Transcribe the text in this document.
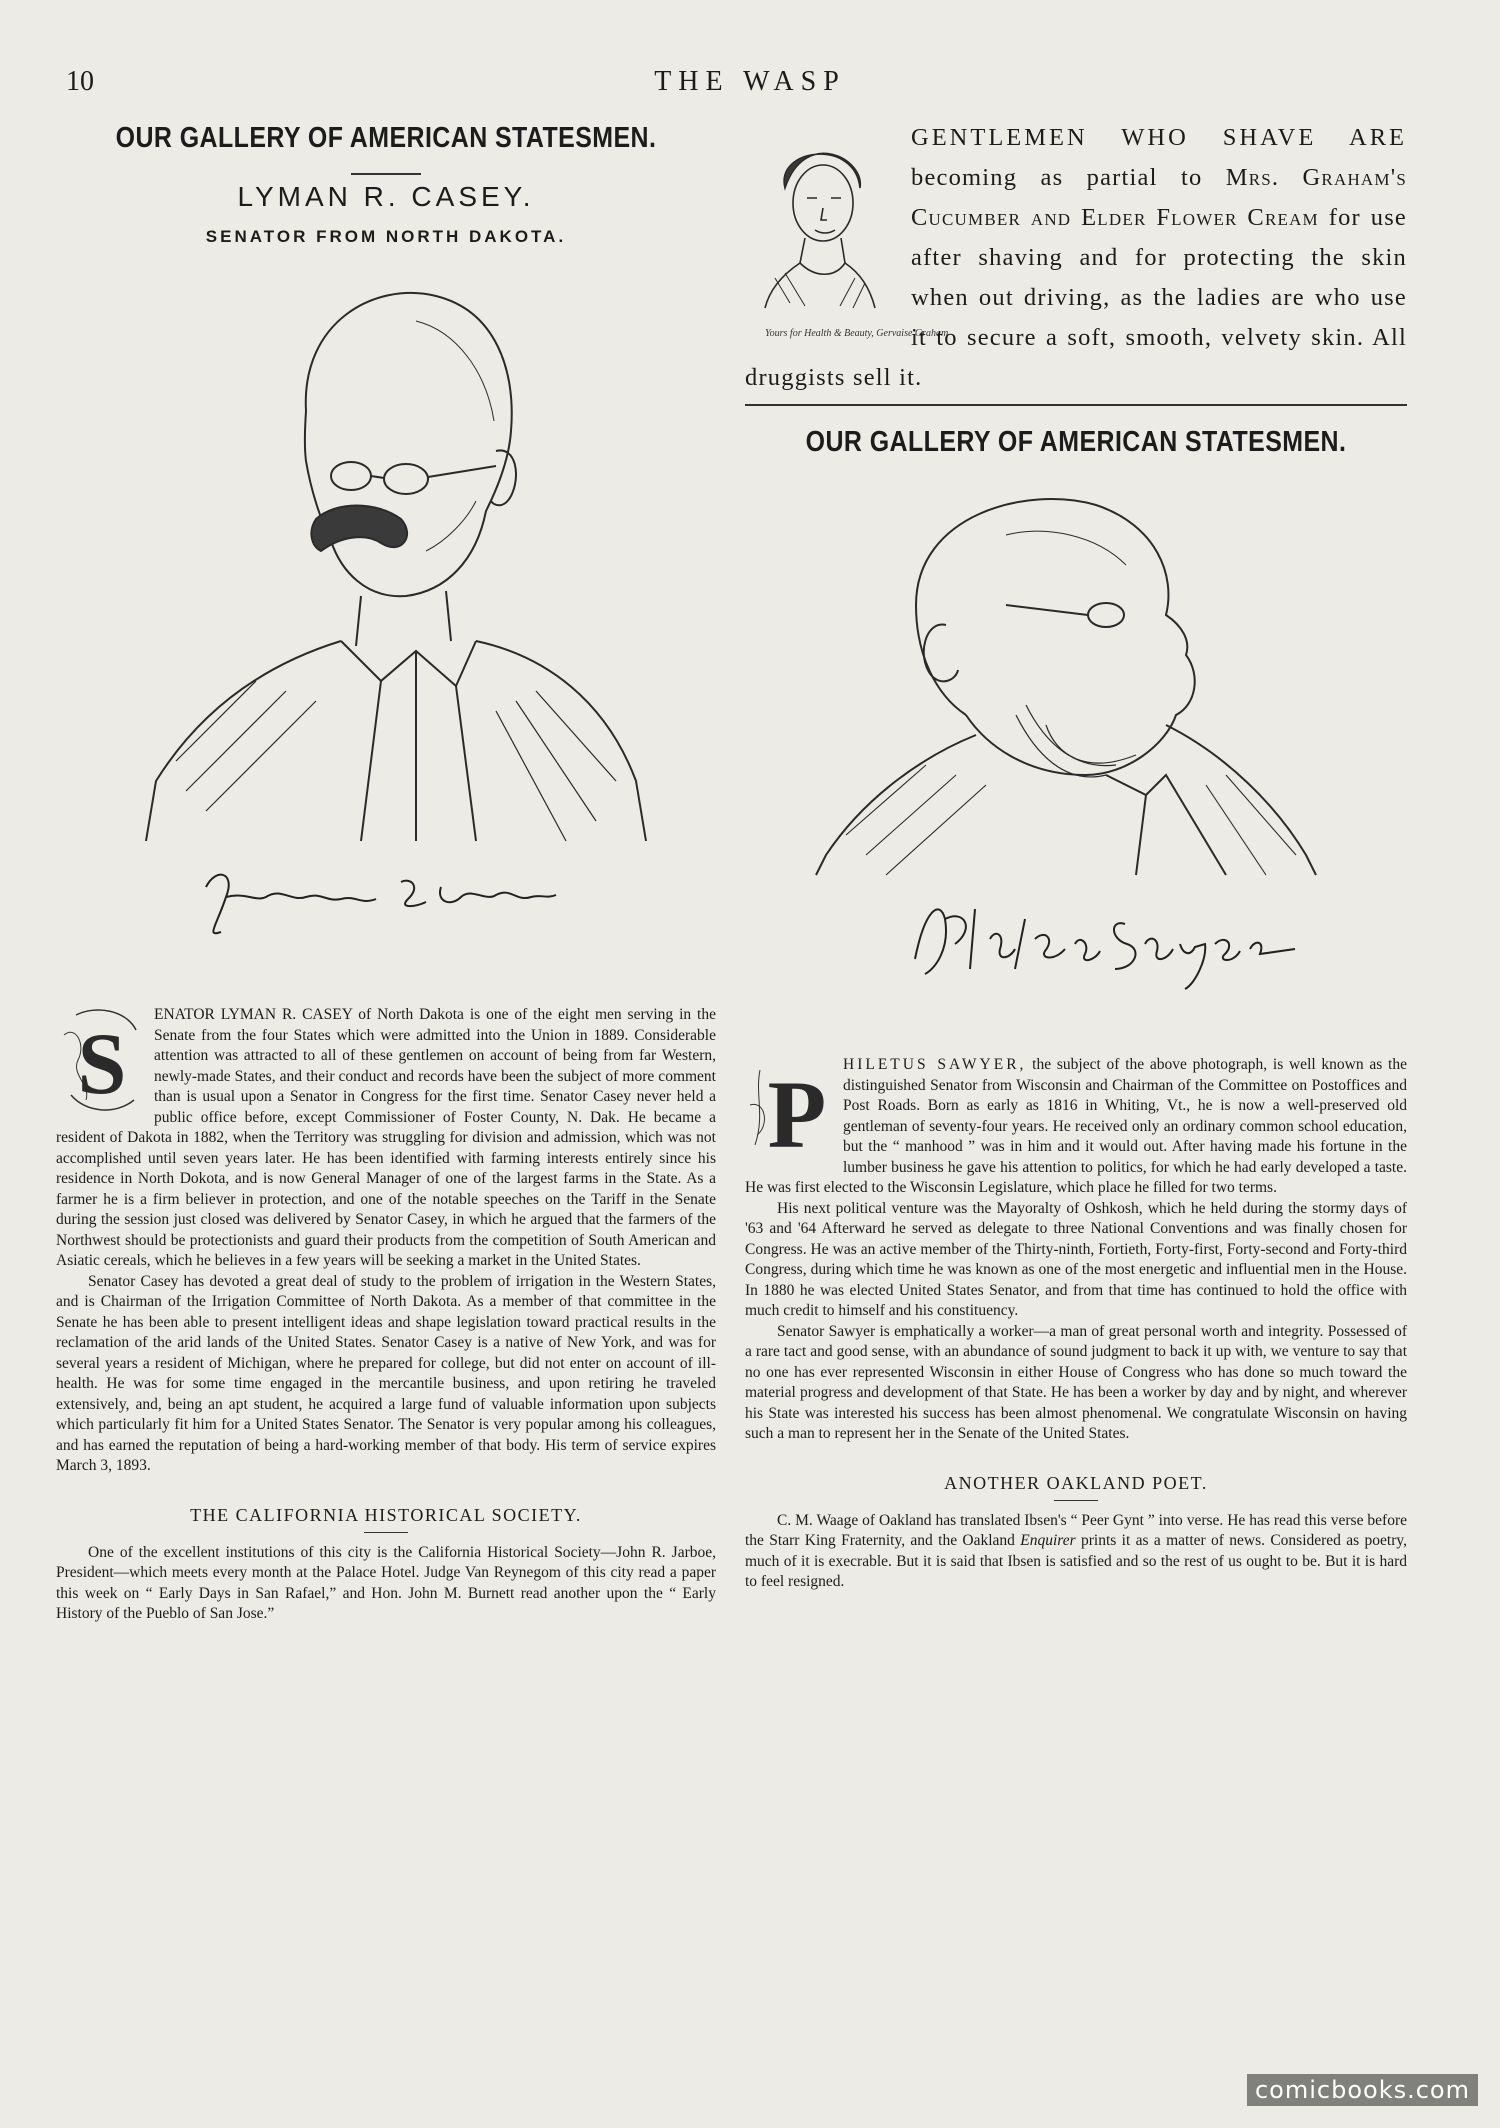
10	THE WASP
OUR GALLERY OF AMERICAN STATESMEN.
LYMAN R. CASEY.
SENATOR FROM NORTH DAKOTA.
S

ENATOR LYMAN R. CASEY of North Dakota is one of the eight men serving in the Senate from the four States which were admitted into the Union in 1889. Considerable attention was attracted to all of these gentlemen on account of being from far Western, newly-made States, and their conduct and records have been the subject of more comment than is usual upon a Senator in Congress for the first time. Senator Casey never held a public office before, except Commissioner of Foster County, N. Dak. He became a resident of Dakota in 1882, when the Territory was struggling for division and admission, which was not accomplished until seven years later. He has been identified with farming interests entirely since his residence in North Dokota, and is now General Manager of one of the largest farms in the State. As a farmer he is a firm believer in protection, and one of the notable speeches on the Tariff in the Senate during the session just closed was delivered by Senator Casey, in which he argued that the farmers of the Northwest should be protectionists and guard their products from the competition of South American and Asiatic cereals, which he believes in a few years will be seeking a market in the United States.

Senator Casey has devoted a great deal of study to the problem of irrigation in the Western States, and is Chairman of the Irrigation Committee of North Dakota. As a member of that committee in the Senate he has been able to present intelligent ideas and shape legislation toward practical results in the reclamation of the arid lands of the United States. Senator Casey is a native of New York, and was for several years a resident of Michigan, where he prepared for college, but did not enter on account of ill-health. He was for some time engaged in the mercantile business, and upon retiring he traveled extensively, and, being an apt student, he acquired a large fund of valuable information upon subjects which particularly fit him for a United States Senator. The Senator is very popular among his colleagues, and has earned the reputation of being a hard-working member of that body. His term of service expires March 3, 1893.

THE CALIFORNIA HISTORICAL SOCIETY.

One of the excellent institutions of this city is the California Historical Society—John R. Jarboe, President—which meets every month at the Palace Hotel. Judge Van Reynegom of this city read a paper this week on “ Early Days in San Rafael,” and Hon. John M. Burnett read another upon the “ Early History of the Pueblo of San Jose.”

Yours for Health & Beauty, Gervaise Graham
GENTLEMEN WHO SHAVE ARE becoming as partial to Mrs. Graham's Cucumber and Elder Flower Cream for use after shaving and for protecting the skin when out driving, as the ladies are who use it to secure a soft, smooth, velvety skin. All druggists sell it.
OUR GALLERY OF AMERICAN STATESMEN.
P	HILETUS SAWYER, the subject of the above photograph, is well known as the distinguished Senator from Wisconsin and Chairman of the Committee on Postoffices and Post Roads. Born as early as 1816 in Whiting, Vt., he is now a well-preserved old gentleman of seventy-four years. He received only an ordinary common school education, but the “ manhood ” was in him and it would out. After having made his fortune in the lumber business he gave his attention to politics, for which he had early developed a taste. He was first elected to the Wisconsin Legislature, which place he filled for two terms.

His next political venture was the Mayoralty of Oshkosh, which he held during the stormy days of '63 and '64 Afterward he served as delegate to three National Conventions and was finally chosen for Congress. He was an active member of the Thirty-ninth, Fortieth, Forty-first, Forty-second and Forty-third Congress, during which time he was known as one of the most energetic and influential men in the House. In 1880 he was elected United States Senator, and from that time has continued to hold the office with much credit to himself and his constituency.

Senator Sawyer is emphatically a worker—a man of great personal worth and integrity. Possessed of a rare tact and good sense, with an abundance of sound judgment to back it up with, we venture to say that no one has ever represented Wisconsin in either House of Congress who has done so much toward the material progress and development of that State. He has been a worker by day and by night, and wherever his State was interested his success has been almost phenomenal. We congratulate Wisconsin on having such a man to represent her in the Senate of the United States.

ANOTHER OAKLAND POET.

C. M. Waage of Oakland has translated Ibsen's “ Peer Gynt ” into verse. He has read this verse before the Starr King Fraternity, and the Oakland Enquirer prints it as a matter of news. Considered as poetry, much of it is execrable. But it is said that Ibsen is satisfied and so the rest of us ought to be. But it is hard to feel resigned.

comicbooks.com
